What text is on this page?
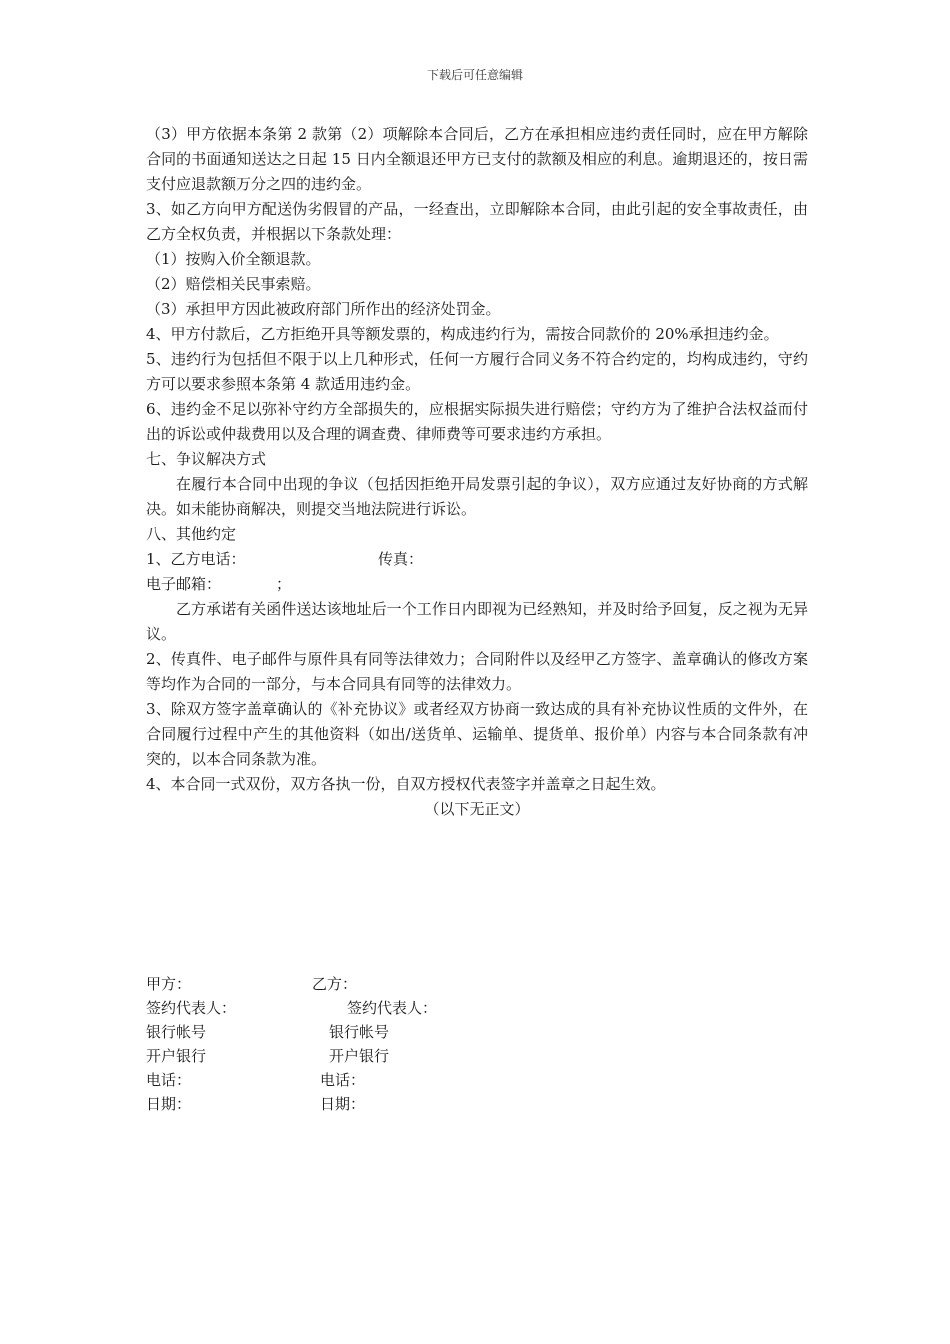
下载后可任意编辑

（3）甲方依据本条第 2 款第（2）项解除本合同后，乙方在承担相应违约责任同时，应在甲方解除合同的书面通知送达之日起 15 日内全额退还甲方已支付的款额及相应的利息。逾期退还的，按日需支付应退款额万分之四的违约金。

3、如乙方向甲方配送伪劣假冒的产品，一经查出，立即解除本合同，由此引起的安全事故责任，由乙方全权负责，并根据以下条款处理：

（1）按购入价全额退款。

（2）赔偿相关民事索赔。

（3）承担甲方因此被政府部门所作出的经济处罚金。

4、甲方付款后，乙方拒绝开具等额发票的，构成违约行为，需按合同款价的 20%承担违约金。

5、违约行为包括但不限于以上几种形式，任何一方履行合同义务不符合约定的，均构成违约，守约方可以要求参照本条第 4 款适用违约金。

6、违约金不足以弥补守约方全部损失的，应根据实际损失进行赔偿；守约方为了维护合法权益而付出的诉讼或仲裁费用以及合理的调查费、律师费等可要求违约方承担。

七、争议解决方式

在履行本合同中出现的争议（包括因拒绝开局发票引起的争议），双方应通过友好协商的方式解决。如未能协商解决，则提交当地法院进行诉讼。

八、其他约定

1、乙方电话：	传真：
电子邮箱：	；

乙方承诺有关函件送达该地址后一个工作日内即视为已经熟知，并及时给予回复，反之视为无异议。

2、传真件、电子邮件与原件具有同等法律效力；合同附件以及经甲乙方签字、盖章确认的修改方案等均作为合同的一部分，与本合同具有同等的法律效力。

3、除双方签字盖章确认的《补充协议》或者经双方协商一致达成的具有补充协议性质的文件外，在合同履行过程中产生的其他资料（如出/送货单、运输单、提货单、报价单）内容与本合同条款有冲突的，以本合同条款为准。

4、本合同一式双份，双方各执一份，自双方授权代表签字并盖章之日起生效。

（以下无正文）

甲方：	乙方：
签约代表人：	签约代表人：
银行帐号	银行帐号
开户银行	开户银行
电话：	电话：
日期：	日期：
